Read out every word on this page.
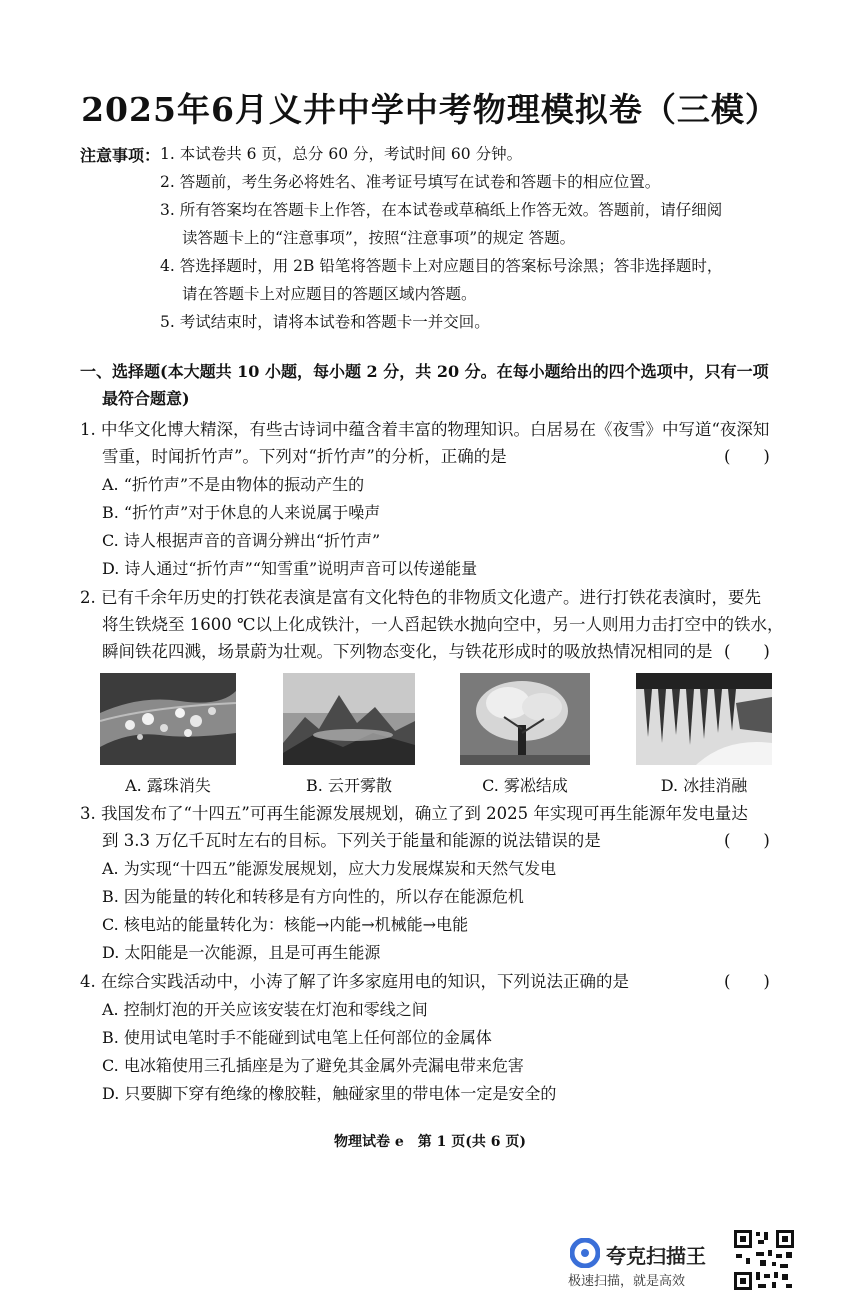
2025年6月义井中学中考物理模拟卷（三模）
注意事项： 1. 本试卷共 6 页，总分 60 分，考试时间 60 分钟。
2. 答题前，考生务必将姓名、准考证号填写在试卷和答题卡的相应位置。
3. 所有答案均在答题卡上作答，在本试卷或草稿纸上作答无效。答题前，请仔细阅
读答题卡上的“注意事项”，按照“注意事项”的规定 答题。
4. 答选择题时，用 2B 铅笔将答题卡上对应题目的答案标号涂黑；答非选择题时，
请在答题卡上对应题目的答题区域内答题。
5. 考试结束时，请将本试卷和答题卡一并交回。
一、选择题(本大题共 10 小题，每小题 2 分，共 20 分。在每小题给出的四个选项中，只有一项
最符合题意)
1. 中华文化博大精深，有些古诗词中蕴含着丰富的物理知识。白居易在《夜雪》中写道“夜深知
雪重，时闻折竹声”。下列对“折竹声”的分析，正确的是	(　　)
A. “折竹声”不是由物体的振动产生的
B. “折竹声”对于休息的人来说属于噪声
C. 诗人根据声音的音调分辨出“折竹声”
D. 诗人通过“折竹声”“知雪重”说明声音可以传递能量
2. 已有千余年历史的打铁花表演是富有文化特色的非物质文化遗产。进行打铁花表演时，要先
将生铁烧至 1600 ℃以上化成铁汁，一人舀起铁水抛向空中，另一人则用力击打空中的铁水，
瞬间铁花四溅，场景蔚为壮观。下列物态变化，与铁花形成时的吸放热情况相同的是 (　　)
A. 露珠消失	B. 云开雾散	C. 雾凇结成	D. 冰挂消融
3. 我国发布了“十四五”可再生能源发展规划，确立了到 2025 年实现可再生能源年发电量达
到 3.3 万亿千瓦时左右的目标。下列关于能量和能源的说法错误的是	(　　)
A. 为实现“十四五”能源发展规划，应大力发展煤炭和天然气发电
B. 因为能量的转化和转移是有方向性的，所以存在能源危机
C. 核电站的能量转化为：核能→内能→机械能→电能
D. 太阳能是一次能源，且是可再生能源
4. 在综合实践活动中，小涛了解了许多家庭用电的知识，下列说法正确的是	(　　)
A. 控制灯泡的开关应该安装在灯泡和零线之间
B. 使用试电笔时手不能碰到试电笔上任何部位的金属体
C. 电冰箱使用三孔插座是为了避免其金属外壳漏电带来危害
D. 只要脚下穿有绝缘的橡胶鞋，触碰家里的带电体一定是安全的
物理试卷 e　第 1 页(共 6 页)
夸克扫描王
极速扫描，就是高效
